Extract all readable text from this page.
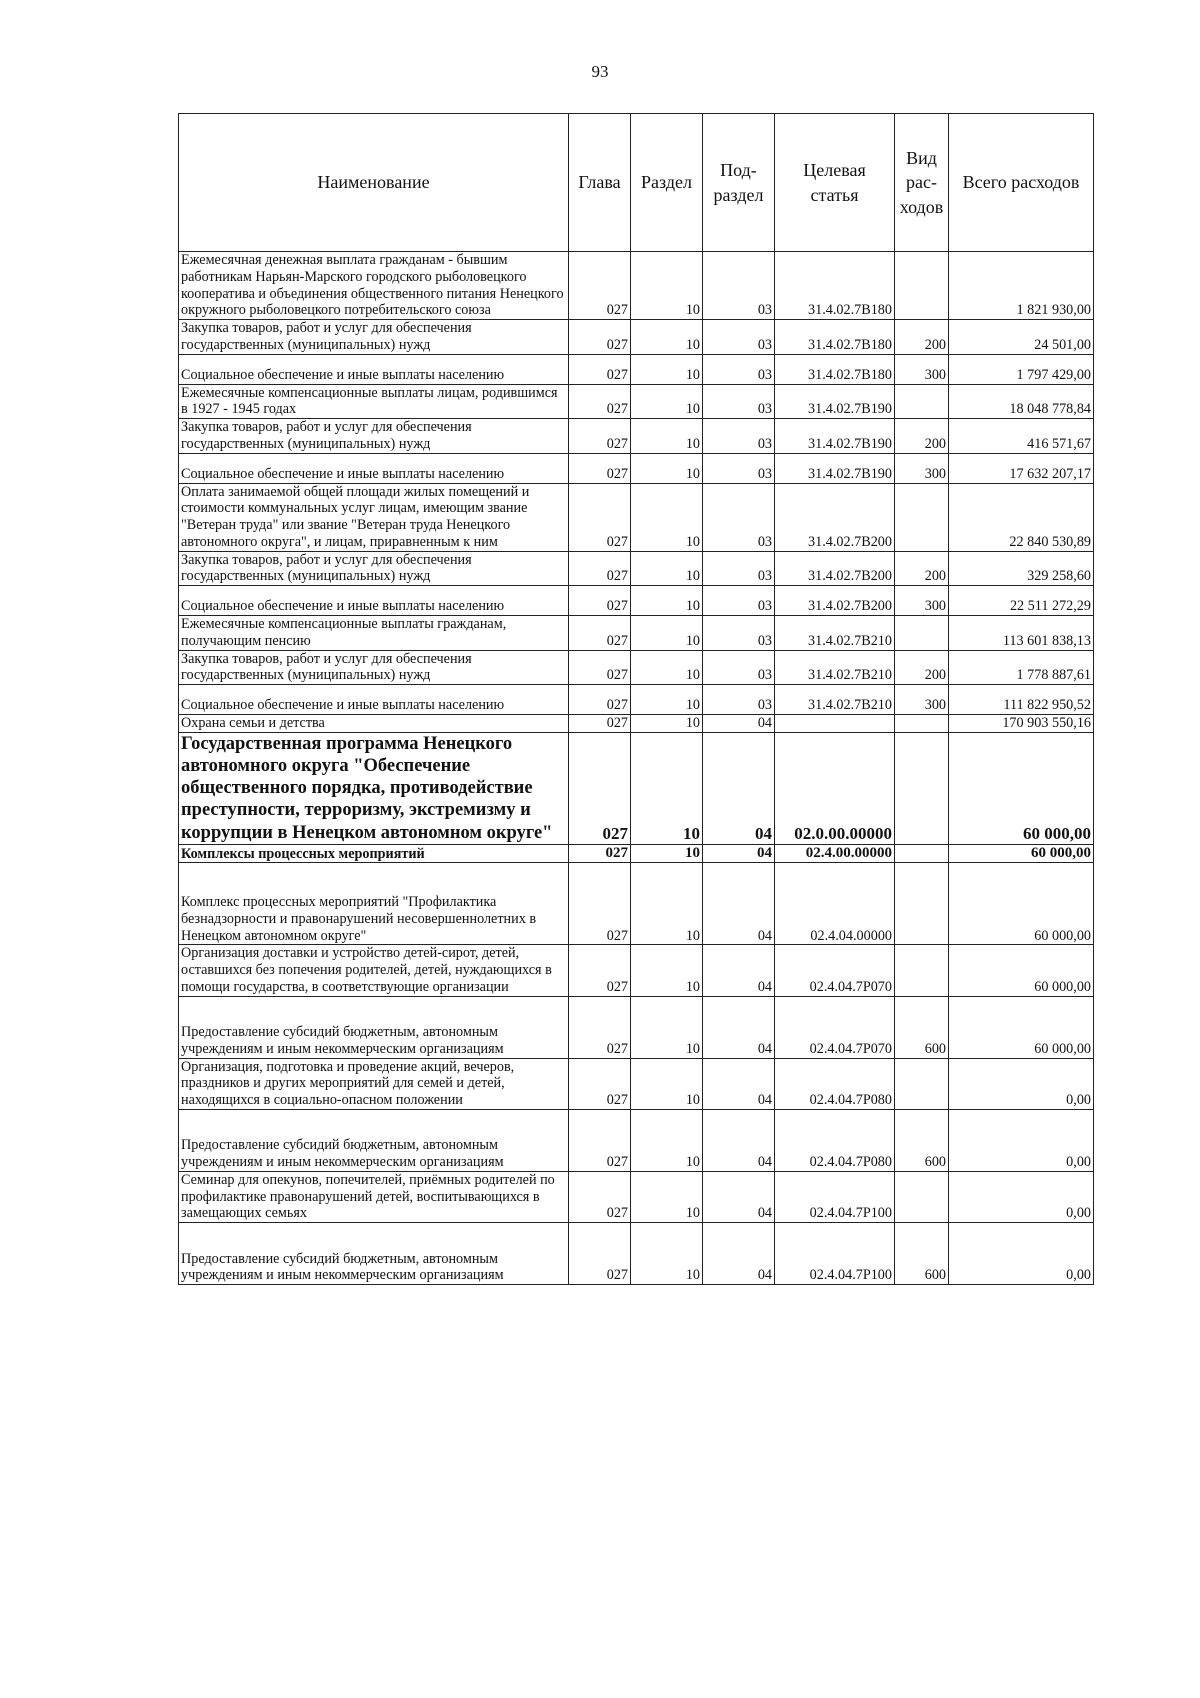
93
Наименование	Глава	Раздел	Под-раздел	Целевая статья	Вид рас-ходов	Всего расходов
Ежемесячная денежная выплата гражданам - бывшим работникам Нарьян-Марского городского рыболовецкого кооператива и объединения общественного питания Ненецкого окружного рыболовецкого потребительского союза	027	10	03	31.4.02.7В180		1 821 930,00
Закупка товаров, работ и услуг для обеспечения государственных (муниципальных) нужд	027	10	03	31.4.02.7В180	200	24 501,00
Социальное обеспечение и иные выплаты населению	027	10	03	31.4.02.7В180	300	1 797 429,00
Ежемесячные компенсационные выплаты лицам, родившимся в 1927 - 1945 годах	027	10	03	31.4.02.7В190		18 048 778,84
Закупка товаров, работ и услуг для обеспечения государственных (муниципальных) нужд	027	10	03	31.4.02.7В190	200	416 571,67
Социальное обеспечение и иные выплаты населению	027	10	03	31.4.02.7В190	300	17 632 207,17
Оплата занимаемой общей площади жилых помещений и стоимости коммунальных услуг лицам, имеющим звание "Ветеран труда" или звание "Ветеран труда Ненецкого автономного округа", и лицам, приравненным к ним	027	10	03	31.4.02.7В200		22 840 530,89
Закупка товаров, работ и услуг для обеспечения государственных (муниципальных) нужд	027	10	03	31.4.02.7В200	200	329 258,60
Социальное обеспечение и иные выплаты населению	027	10	03	31.4.02.7В200	300	22 511 272,29
Ежемесячные компенсационные выплаты гражданам, получающим пенсию	027	10	03	31.4.02.7В210		113 601 838,13
Закупка товаров, работ и услуг для обеспечения государственных (муниципальных) нужд	027	10	03	31.4.02.7В210	200	1 778 887,61
Социальное обеспечение и иные выплаты населению	027	10	03	31.4.02.7В210	300	111 822 950,52
Охрана семьи и детства	027	10	04			170 903 550,16
Государственная программа Ненецкого автономного округа "Обеспечение общественного порядка, противодействие преступности, терроризму, экстремизму и коррупции в Ненецком автономном округе"	027	10	04	02.0.00.00000		60 000,00
Комплексы процессных мероприятий	027	10	04	02.4.00.00000		60 000,00
Комплекс процессных мероприятий "Профилактика безнадзорности и правонарушений несовершеннолетних в Ненецком автономном округе"	027	10	04	02.4.04.00000		60 000,00
Организация доставки и устройство детей-сирот, детей, оставшихся без попечения родителей, детей, нуждающихся в помощи государства, в соответствующие организации	027	10	04	02.4.04.7Р070		60 000,00
Предоставление субсидий бюджетным, автономным учреждениям и иным некоммерческим организациям	027	10	04	02.4.04.7Р070	600	60 000,00
Организация, подготовка и проведение акций, вечеров, праздников и других мероприятий для семей и детей, находящихся в социально-опасном положении	027	10	04	02.4.04.7Р080		0,00
Предоставление субсидий бюджетным, автономным учреждениям и иным некоммерческим организациям	027	10	04	02.4.04.7Р080	600	0,00
Семинар для опекунов, попечителей, приёмных родителей по профилактике правонарушений детей, воспитывающихся в замещающих семьях	027	10	04	02.4.04.7Р100		0,00
Предоставление субсидий бюджетным, автономным учреждениям и иным некоммерческим организациям	027	10	04	02.4.04.7Р100	600	0,00
